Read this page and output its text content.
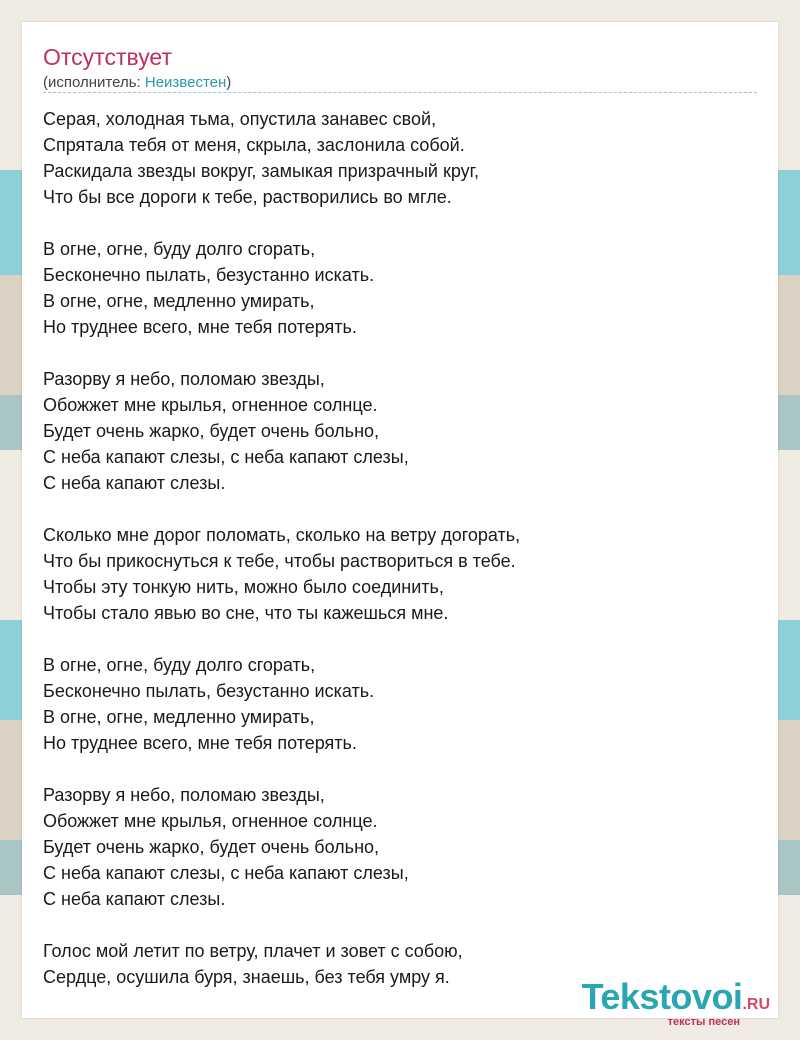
Отсутствует
(исполнитель: Неизвестен)
Серая, холодная тьма, опустила занавес свой,
Спрятала тебя от меня, скрыла, заслонила собой.
Раскидала звезды вокруг, замыкая призрачный круг,
Что бы все дороги к тебе, растворились во мгле.
В огне, огне, буду долго сгорать,
Бесконечно пылать, безустанно искать.
В огне, огне, медленно умирать,
Но труднее всего, мне тебя потерять.
Разорву я небо, поломаю звезды,
Обожжет мне крылья, огненное солнце.
Будет очень жарко, будет очень больно,
С неба капают слезы, с неба капают слезы,
С неба капают слезы.
Сколько мне дорог поломать, сколько на ветру догорать,
Что бы прикоснуться к тебе, чтобы раствориться в тебе.
Чтобы эту тонкую нить, можно было соединить,
Чтобы стало явью во сне, что ты кажешься мне.
В огне, огне, буду долго сгорать,
Бесконечно пылать, безустанно искать.
В огне, огне, медленно умирать,
Но труднее всего, мне тебя потерять.
Разорву я небо, поломаю звезды,
Обожжет мне крылья, огненное солнце.
Будет очень жарко, будет очень больно,
С неба капают слезы, с неба капают слезы,
С неба капают слезы.
Голос мой летит по ветру, плачет и зовет с собою,
Сердце, осушила буря, знаешь, без тебя умру я.	Tekstovoi.RU
тексты песен
